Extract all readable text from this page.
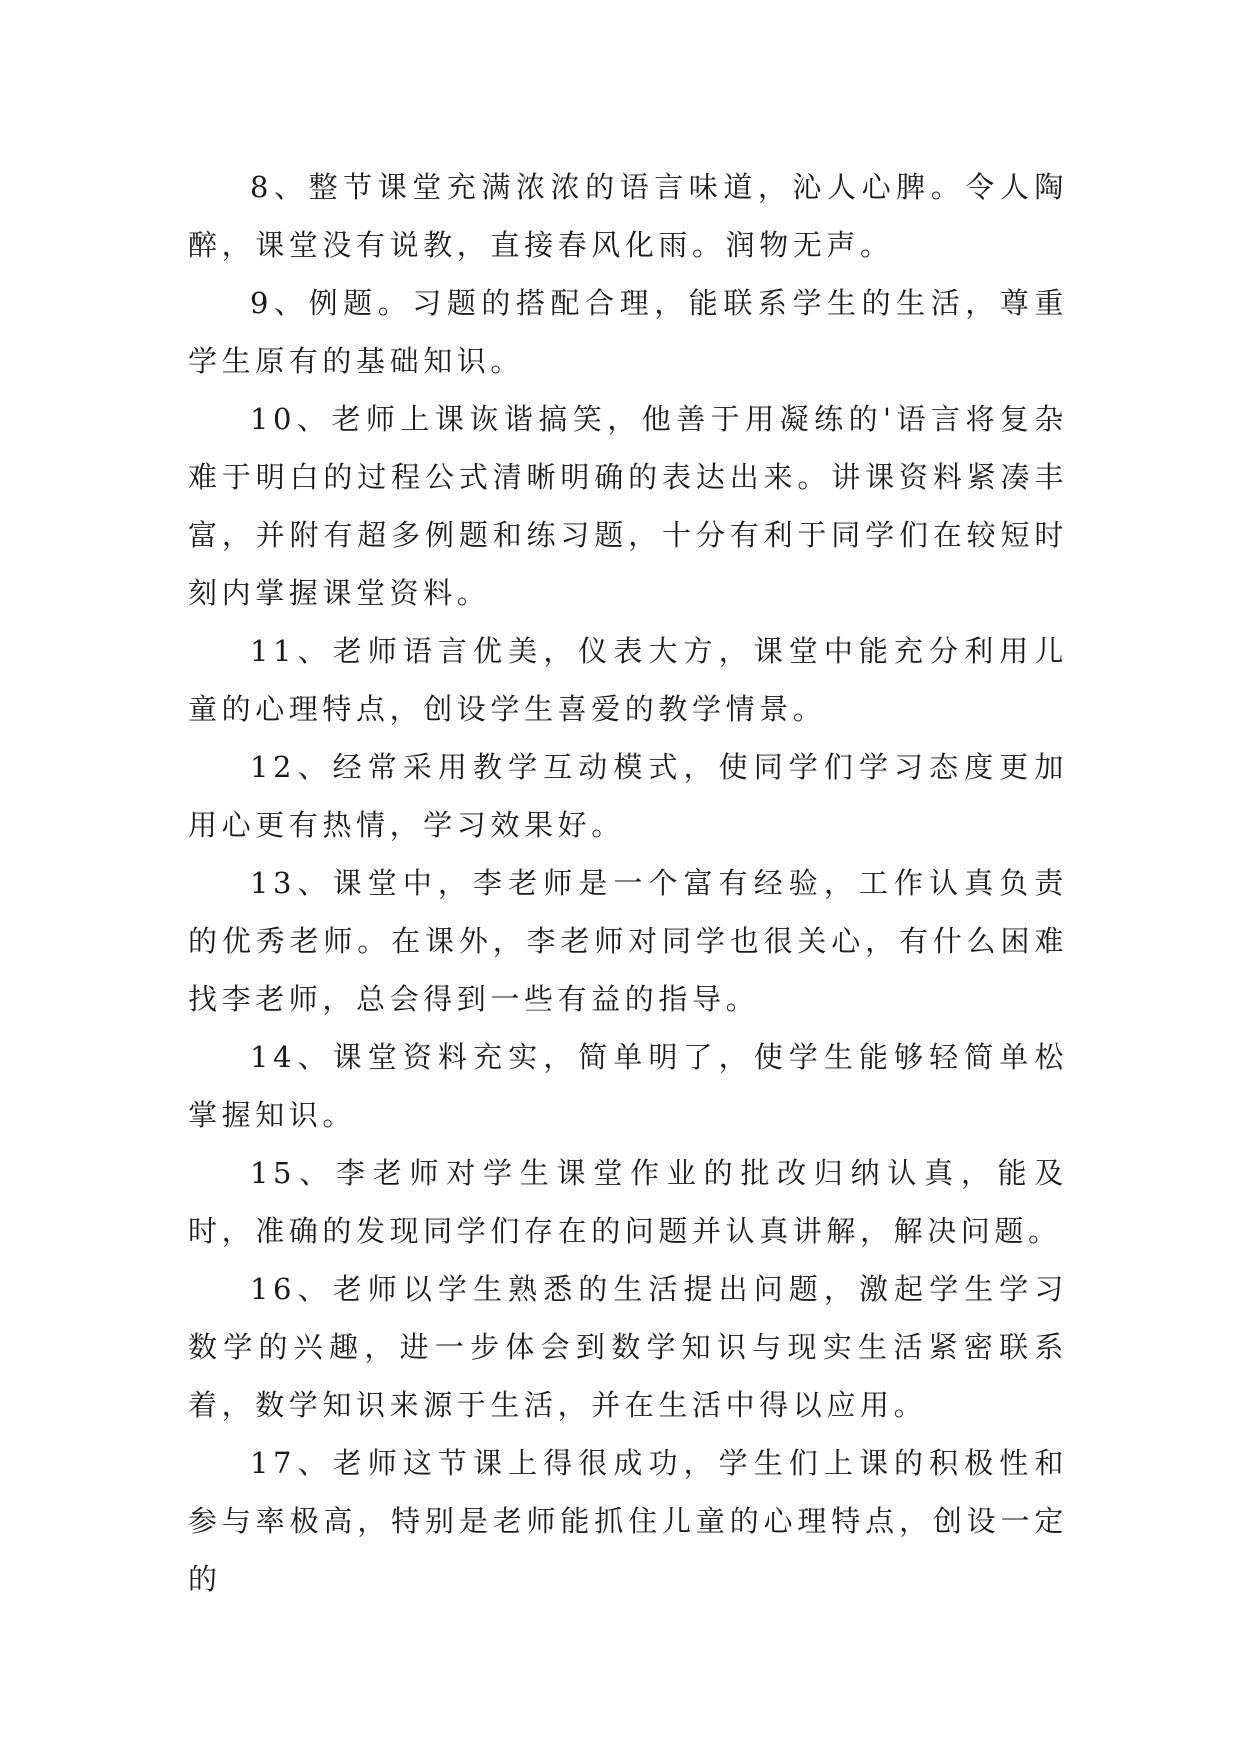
8、整节课堂充满浓浓的语言味道，沁人心脾。令人陶醉，课堂没有说教，直接春风化雨。润物无声。

9、例题。习题的搭配合理，能联系学生的生活，尊重学生原有的基础知识。

10、老师上课诙谐搞笑，他善于用凝练的'语言将复杂难于明白的过程公式清晰明确的表达出来。讲课资料紧凑丰富，并附有超多例题和练习题，十分有利于同学们在较短时刻内掌握课堂资料。

11、老师语言优美，仪表大方，课堂中能充分利用儿童的心理特点，创设学生喜爱的教学情景。

12、经常采用教学互动模式，使同学们学习态度更加用心更有热情，学习效果好。

13、课堂中，李老师是一个富有经验，工作认真负责的优秀老师。在课外，李老师对同学也很关心，有什么困难找李老师，总会得到一些有益的指导。

14、课堂资料充实，简单明了，使学生能够轻简单松掌握知识。

15、李老师对学生课堂作业的批改归纳认真，能及时，准确的发现同学们存在的问题并认真讲解，解决问题。

16、老师以学生熟悉的生活提出问题，激起学生学习数学的兴趣，进一步体会到数学知识与现实生活紧密联系着，数学知识来源于生活，并在生活中得以应用。

17、老师这节课上得很成功，学生们上课的积极性和参与率极高，特别是老师能抓住儿童的心理特点，创设一定的
